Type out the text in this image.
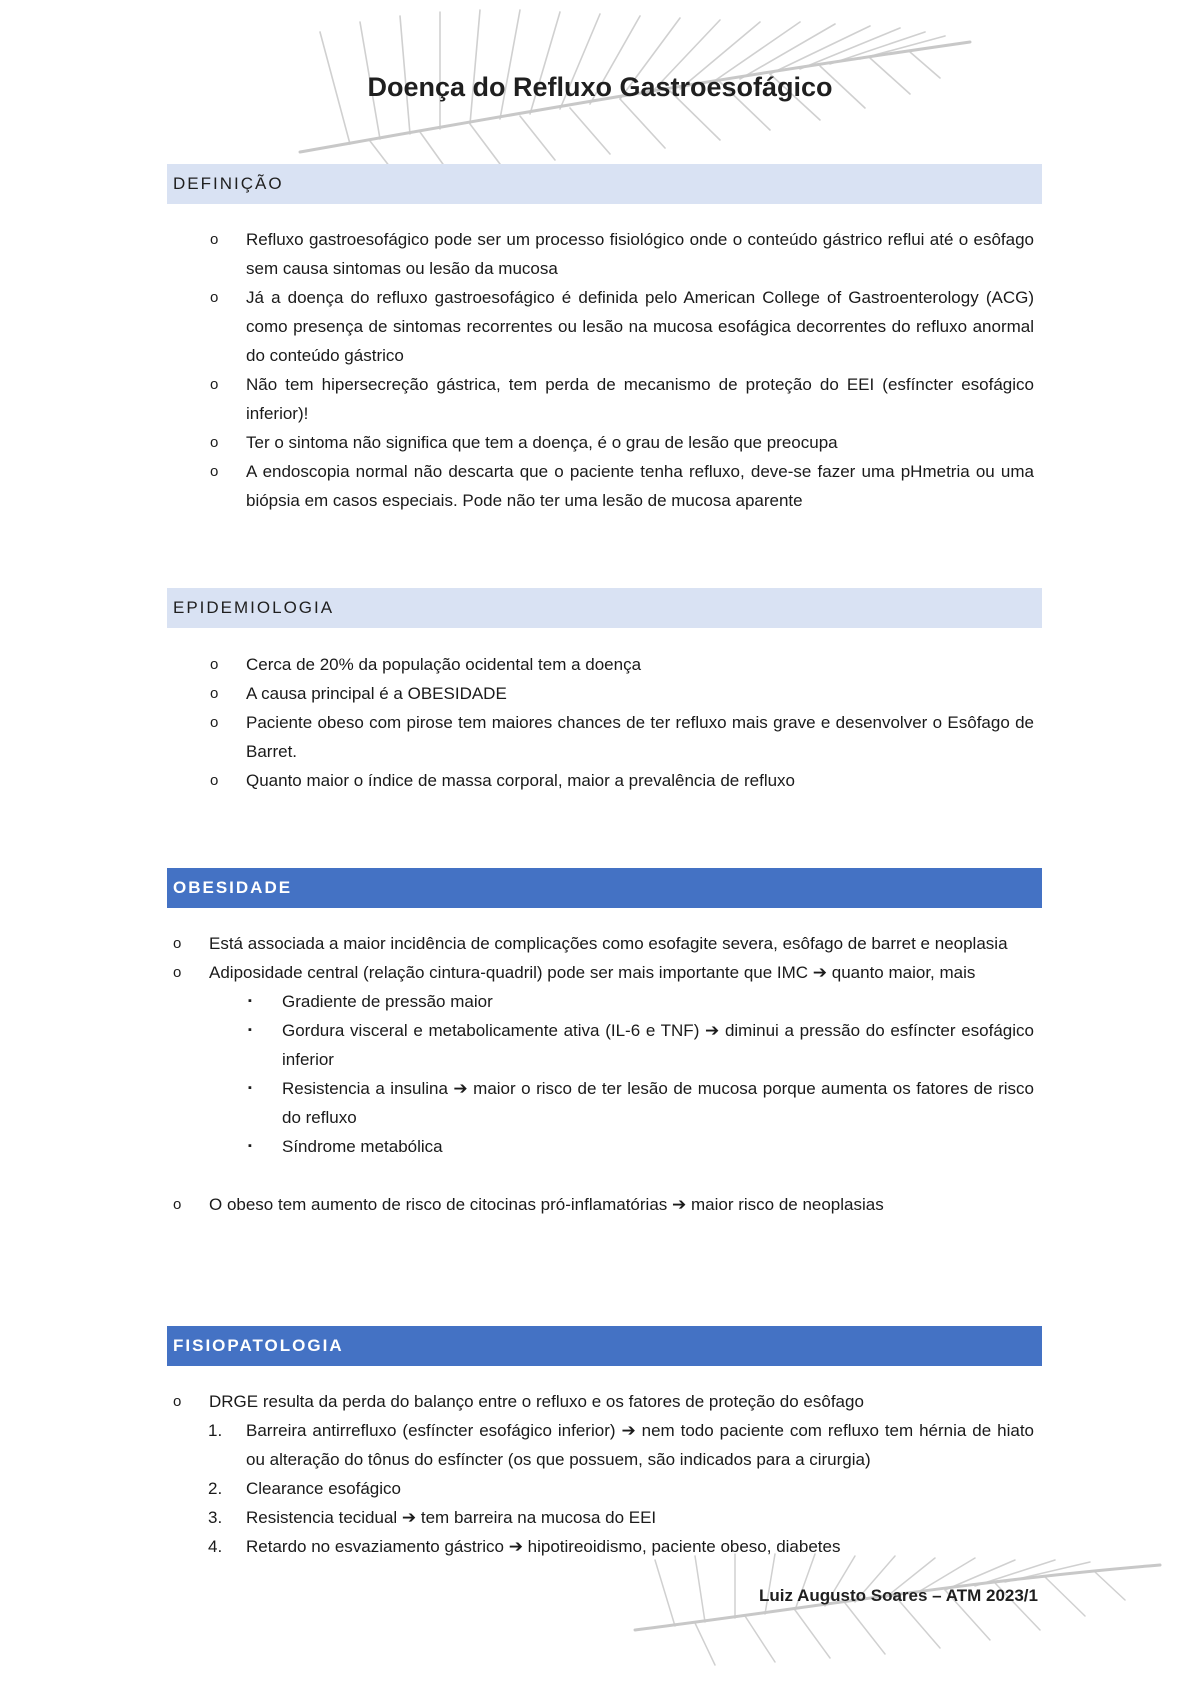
Doença do Refluxo Gastroesofágico
DEFINIÇÃO
o Refluxo gastroesofágico pode ser um processo fisiológico onde o conteúdo gástrico reflui até o esôfago sem causa sintomas ou lesão da mucosa
o Já a doença do refluxo gastroesofágico é definida pelo American College of Gastroenterology (ACG) como presença de sintomas recorrentes ou lesão na mucosa esofágica decorrentes do refluxo anormal do conteúdo gástrico
o Não tem hipersecreção gástrica, tem perda de mecanismo de proteção do EEI (esfíncter esofágico inferior)!
o Ter o sintoma não significa que tem a doença, é o grau de lesão que preocupa
o A endoscopia normal não descarta que o paciente tenha refluxo, deve-se fazer uma pHmetria ou uma biópsia em casos especiais. Pode não ter uma lesão de mucosa aparente
EPIDEMIOLOGIA
o Cerca de 20% da população ocidental tem a doença
o A causa principal é a OBESIDADE
o Paciente obeso com pirose tem maiores chances de ter refluxo mais grave e desenvolver o Esôfago de Barret.
o Quanto maior o índice de massa corporal, maior a prevalência de refluxo
OBESIDADE
o Está associada a maior incidência de complicações como esofagite severa, esôfago de barret e neoplasia
o Adiposidade central (relação cintura-quadril) pode ser mais importante que IMC ➔ quanto maior, mais
▪ Gradiente de pressão maior
▪ Gordura visceral e metabolicamente ativa (IL-6 e TNF) ➔ diminui a pressão do esfíncter esofágico inferior
▪ Resistencia a insulina ➔ maior o risco de ter lesão de mucosa porque aumenta os fatores de risco do refluxo
▪ Síndrome metabólica
o O obeso tem aumento de risco de citocinas pró-inflamatórias ➔ maior risco de neoplasias
FISIOPATOLOGIA
o DRGE resulta da perda do balanço entre o refluxo e os fatores de proteção do esôfago
1. Barreira antirrefluxo (esfíncter esofágico inferior) ➔ nem todo paciente com refluxo tem hérnia de hiato ou alteração do tônus do esfíncter (os que possuem, são indicados para a cirurgia)
2. Clearance esofágico
3. Resistencia tecidual ➔ tem barreira na mucosa do EEI
4. Retardo no esvaziamento gástrico ➔ hipotireoidismo, paciente obeso, diabetes
Luiz Augusto Soares – ATM 2023/1
